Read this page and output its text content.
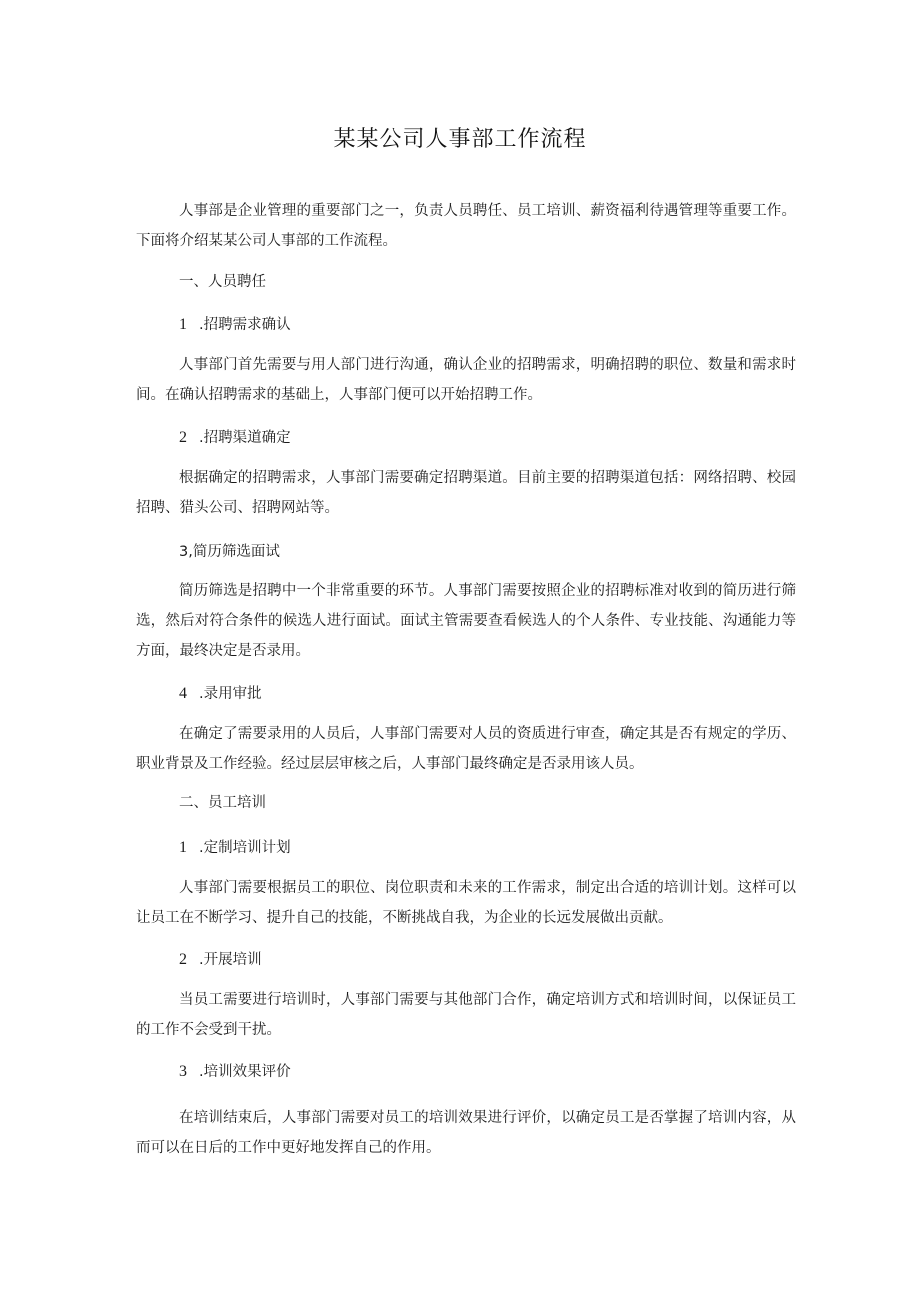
某某公司人事部工作流程
人事部是企业管理的重要部门之一，负责人员聘任、员工培训、薪资福利待遇管理等重要工作。下面将介绍某某公司人事部的工作流程。
一、人员聘任
1 .招聘需求确认
人事部门首先需要与用人部门进行沟通，确认企业的招聘需求，明确招聘的职位、数量和需求时间。在确认招聘需求的基础上，人事部门便可以开始招聘工作。
2 .招聘渠道确定
根据确定的招聘需求，人事部门需要确定招聘渠道。目前主要的招聘渠道包括：网络招聘、校园招聘、猎头公司、招聘网站等。
3,简历筛选面试
简历筛选是招聘中一个非常重要的环节。人事部门需要按照企业的招聘标准对收到的简历进行筛选，然后对符合条件的候选人进行面试。面试主管需要查看候选人的个人条件、专业技能、沟通能力等方面，最终决定是否录用。
4 .录用审批
在确定了需要录用的人员后，人事部门需要对人员的资质进行审查，确定其是否有规定的学历、职业背景及工作经验。经过层层审核之后，人事部门最终确定是否录用该人员。
二、员工培训
1 .定制培训计划
人事部门需要根据员工的职位、岗位职责和未来的工作需求，制定出合适的培训计划。这样可以让员工在不断学习、提升自己的技能，不断挑战自我，为企业的长远发展做出贡献。
2 .开展培训
当员工需要进行培训时，人事部门需要与其他部门合作，确定培训方式和培训时间，以保证员工的工作不会受到干扰。
3 .培训效果评价
在培训结束后，人事部门需要对员工的培训效果进行评价，以确定员工是否掌握了培训内容，从而可以在日后的工作中更好地发挥自己的作用。
